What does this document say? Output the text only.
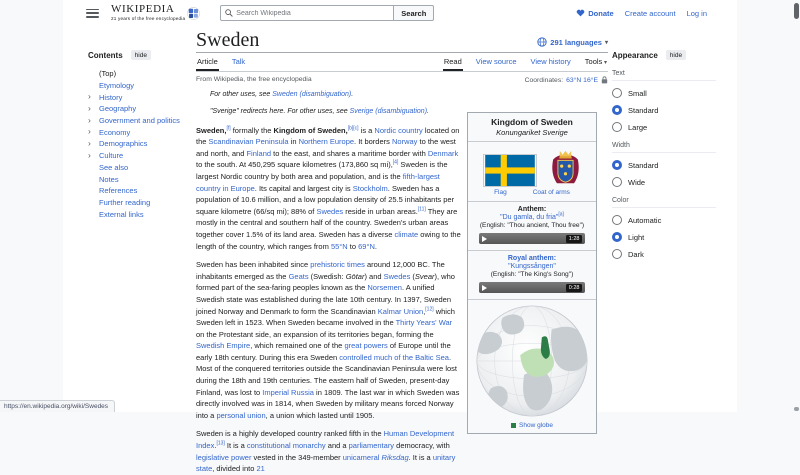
WIKIPEDIA
21 years of the free encyclopedia
Search Wikipedia
Search	Donate Create account Log in
Contents	hide
(Top)
Etymology
›	History
›	Geography
›	Government and politics
›	Economy
›	Demographics
›	Culture
See also
Notes
References
Further reading
External links
Sweden	291 languages ▾
Article Talk	Read View source View history Tools ▾
From Wikipedia, the free encyclopedia	Coordinates: 63°N 16°E
For other uses, see Sweden (disambiguation).
"Sverige" redirects here. For other uses, see Sverige (disambiguation).

Sweden,[f] formally the Kingdom of Sweden,[b][c] is a Nordic country located on the Scandinavian Peninsula in Northern Europe. It borders Norway to the west and north, and Finland to the east, and shares a maritime border with Denmark to the south. At 450,295 square kilometres (173,860 sq mi),[4] Sweden is the largest Nordic country by both area and population, and is the fifth-largest country in Europe. Its capital and largest city is Stockholm. Sweden has a population of 10.6 million, and a low population density of 25.5 inhabitants per square kilometre (66/sq mi); 88% of Swedes reside in urban areas.[11] They are mostly in the central and southern half of the country. Sweden's urban areas together cover 1.5% of its land area. Sweden has a diverse climate owing to the length of the country, which ranges from 55°N to 69°N.

Sweden has been inhabited since prehistoric times around 12,000 BC. The inhabitants emerged as the Geats (Swedish: Götar) and Swedes (Svear), who formed part of the sea-faring peoples known as the Norsemen. A unified Swedish state was established during the late 10th century. In 1397, Sweden joined Norway and Denmark to form the Scandinavian Kalmar Union,[12] which Sweden left in 1523. When Sweden became involved in the Thirty Years' War on the Protestant side, an expansion of its territories began, forming the Swedish Empire, which remained one of the great powers of Europe until the early 18th century. During this era Sweden controlled much of the Baltic Sea. Most of the conquered territories outside the Scandinavian Peninsula were lost during the 18th and 19th centuries. The eastern half of Sweden, present-day Finland, was lost to Imperial Russia in 1809. The last war in which Sweden was directly involved was in 1814, when Sweden by military means forced Norway into a personal union, a union which lasted until 1905.

Sweden is a highly developed country ranked fifth in the Human Development Index.[13] It is a constitutional monarchy and a parliamentary democracy, with legislative power vested in the 349-member unicameral Riksdag. It is a unitary state, divided into 21

Kingdom of Sweden
Konungariket Sverige
Flag	Coat of arms
Anthem:
"Du gamla, du fria"[a]
(English: "Thou ancient, Thou free")
1:28
Royal anthem:
"Kungssången"
(English: "The King's Song")
0:28
Show globe
Appearance	hide
Text
Small
Standard
Large
Width
Standard
Wide
Color
Automatic
Light
Dark
https://en.wikipedia.org/wiki/Swedes
